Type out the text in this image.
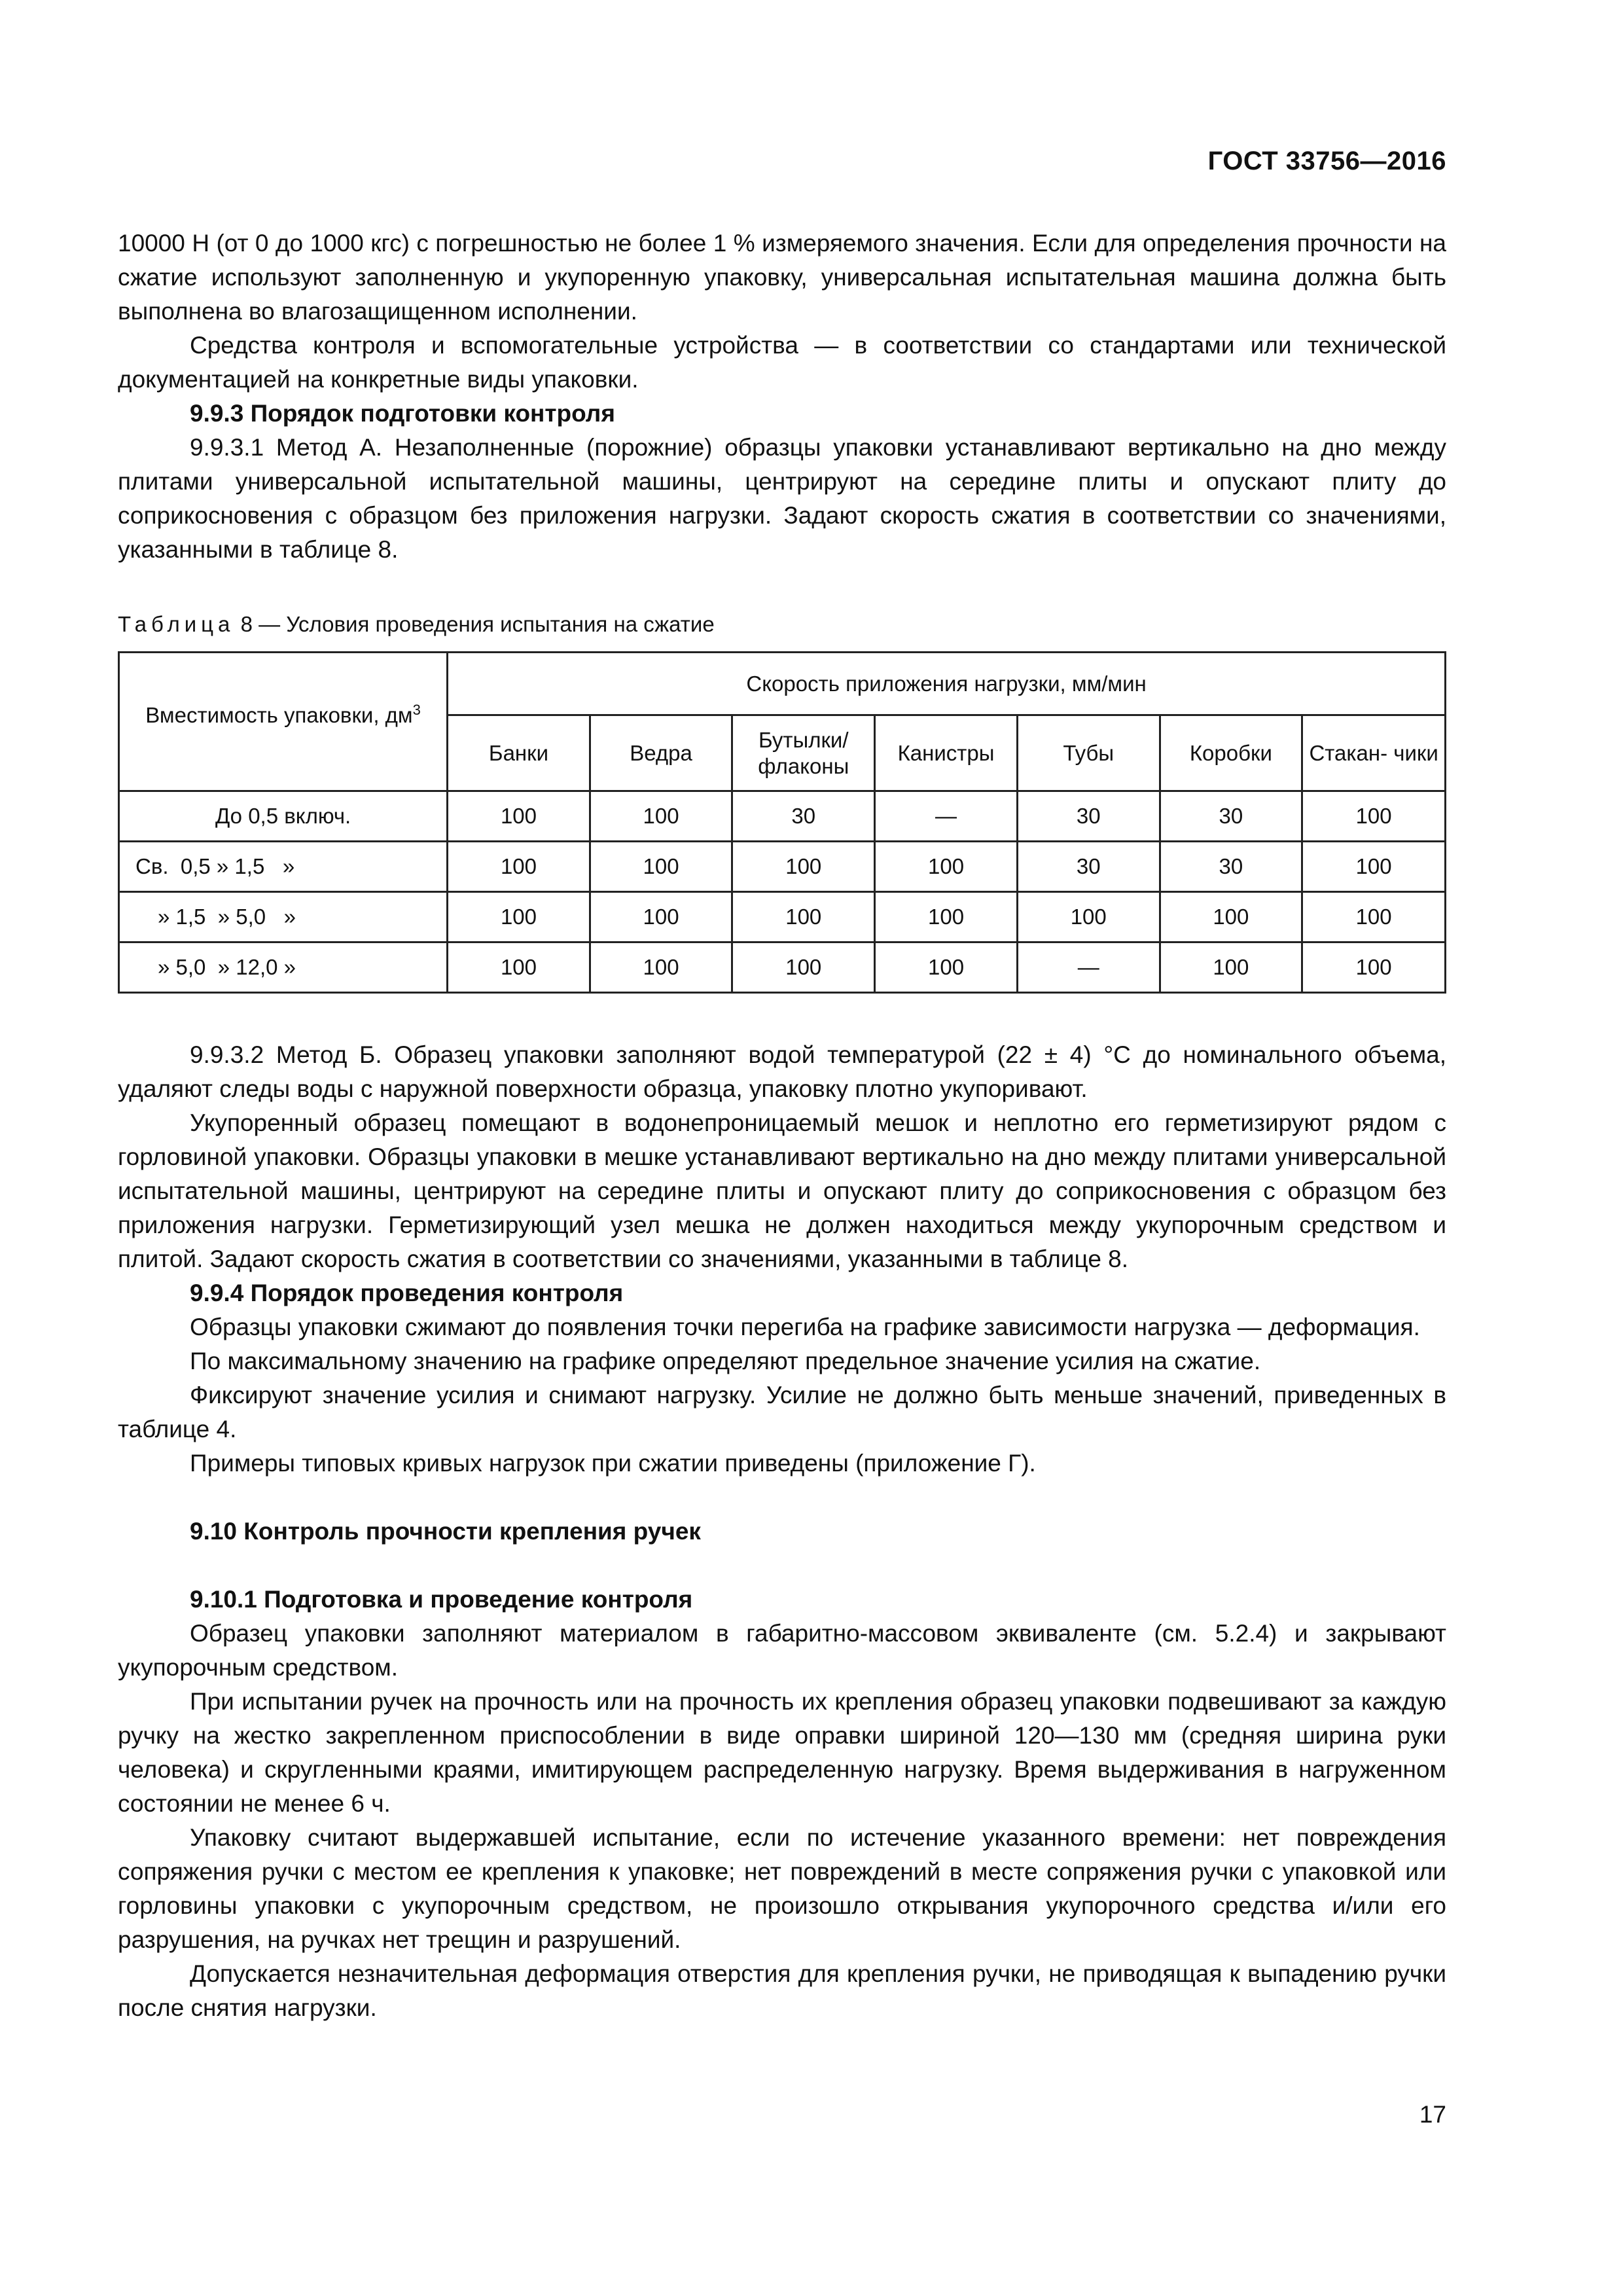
ГОСТ 33756—2016

10000 Н (от 0 до 1000 кгс) с погрешностью не более 1 % измеряемого значения. Если для определения прочности на сжатие используют заполненную и укупоренную упаковку, универсальная испытательная машина должна быть выполнена во влагозащищенном исполнении.

Средства контроля и вспомогательные устройства — в соответствии со стандартами или технической документацией на конкретные виды упаковки.

9.9.3 Порядок подготовки контроля

9.9.3.1 Метод А. Незаполненные (порожние) образцы упаковки устанавливают вертикально на дно между плитами универсальной испытательной машины, центрируют на середине плиты и опускают плиту до соприкосновения с образцом без приложения нагрузки. Задают скорость сжатия в соответствии со значениями, указанными в таблице 8.

Таблица 8 — Условия проведения испытания на сжатие
Вместимость упаковки, $дм^3$	Скорость приложения нагрузки, мм/мин						
	Банки	Ведра	Бутылки/ флаконы	Канистры	Тубы	Коробки	Стакан- чики
До 0,5 включ.	100	100	30	—	30	30	100
Св.  0,5 » 1,5   »	100	100	100	100	30	30	100
» 1,5  » 5,0   »	100	100	100	100	100	100	100
» 5,0  » 12,0 »	100	100	100	100	—	100	100

9.9.3.2 Метод Б. Образец упаковки заполняют водой температурой (22 ± 4) °С до номинального объема, удаляют следы воды с наружной поверхности образца, упаковку плотно укупоривают.

Укупоренный образец помещают в водонепроницаемый мешок и неплотно его герметизируют рядом с горловиной упаковки. Образцы упаковки в мешке устанавливают вертикально на дно между плитами универсальной испытательной машины, центрируют на середине плиты и опускают плиту до соприкосновения с образцом без приложения нагрузки. Герметизирующий узел мешка не должен находиться между укупорочным средством и плитой. Задают скорость сжатия в соответствии со значениями, указанными в таблице 8.

9.9.4 Порядок проведения контроля

Образцы упаковки сжимают до появления точки перегиба на графике зависимости нагрузка — деформация.

По максимальному значению на графике определяют предельное значение усилия на сжатие.

Фиксируют значение усилия и снимают нагрузку. Усилие не должно быть меньше значений, приведенных в таблице 4.

Примеры типовых кривых нагрузок при сжатии приведены (приложение Г).

9.10 Контроль прочности крепления ручек
9.10.1 Подготовка и проведение контроля

Образец упаковки заполняют материалом в габаритно-массовом эквиваленте (см. 5.2.4) и закрывают укупорочным средством.

При испытании ручек на прочность или на прочность их крепления образец упаковки подвешивают за каждую ручку на жестко закрепленном приспособлении в виде оправки шириной 120—130 мм (средняя ширина руки человека) и скругленными краями, имитирующем распределенную нагрузку. Время выдерживания в нагруженном состоянии не менее 6 ч.

Упаковку считают выдержавшей испытание, если по истечение указанного времени: нет повреждения сопряжения ручки с местом ее крепления к упаковке; нет повреждений в месте сопряжения ручки с упаковкой или горловины упаковки с укупорочным средством, не произошло открывания укупорочного средства и/или его разрушения, на ручках нет трещин и разрушений.

Допускается незначительная деформация отверстия для крепления ручки, не приводящая к выпадению ручки после снятия нагрузки.

17
